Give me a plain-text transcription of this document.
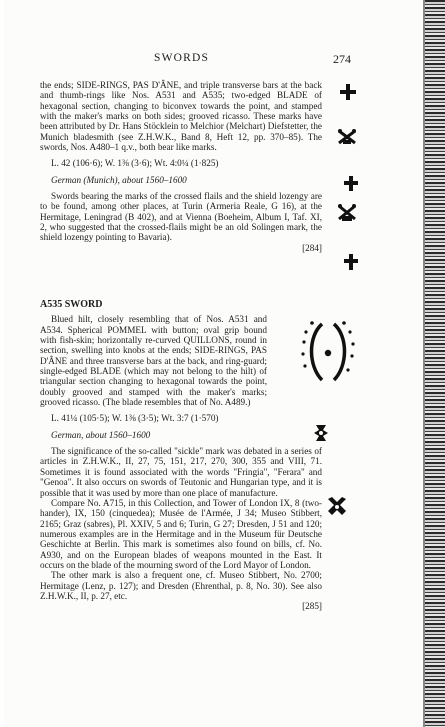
SWORDS	274

the ends; SIDE-RINGS, PAS D'ÂNE, and triple transverse bars at the back and thumb-rings like Nos. A531 and A535; two-edged BLADE of hexagonal section, changing to biconvex towards the point, and stamped with the maker's marks on both sides; grooved ricasso. These marks have been attributed by Dr. Hans Stöcklein to Melchior (Melchart) Diefstetter, the Munich bladesmith (see Z.H.W.K., Band 8, Heft 12, pp. 370–85). The swords, Nos. A480–1 q.v., both bear like marks.

L. 42 (106·6); W. 1⅜ (3·6); Wt. 4:0¼ (1·825)

German (Munich), about 1560–1600

Swords bearing the marks of the crossed flails and the shield lozengy are to be found, among other places, at Turin (Armeria Reale, G 16), at the Hermitage, Leningrad (B 402), and at Vienna (Boeheim, Album I, Taf. XI, 2, who suggested that the crossed-flails might be an old Solingen mark, the shield lozengy pointing to Bavaria).

[284]

A535 SWORD

Blued hilt, closely resembling that of Nos. A531 and A534. Spherical POMMEL with button; oval grip bound with fish-skin; horizontally re-curved QUILLONS, round in section, swelling into knobs at the ends; SIDE-RINGS, PAS D'ÂNE and three transverse bars at the back, and ring-guard; single-edged BLADE (which may not belong to the hilt) of triangular section changing to hexagonal towards the point, doubly grooved and stamped with the maker's marks; grooved ricasso. (The blade resembles that of No. A489.)

L. 41¼ (105·5); W. 1⅜ (3·5); Wt. 3:7 (1·570)

German, about 1560–1600

The significance of the so-called "sickle" mark was debated in a series of articles in Z.H.W.K., II, 27, 75, 151, 217, 270, 300, 355 and VIII, 71. Sometimes it is found associated with the words "Fringia", "Ferara" and "Genoa". It also occurs on swords of Teutonic and Hungarian type, and it is possible that it was used by more than one place of manufacture.

Compare No. A715, in this Collection, and Tower of London IX, 8 (two-hander), IX, 150 (cinquedea); Musée de l'Armée, J 34; Museo Stibbert, 2165; Graz (sabres), Pl. XXIV, 5 and 6; Turin, G 27; Dresden, J 51 and 120; numerous examples are in the Hermitage and in the Museum für Deutsche Geschichte at Berlin. This mark is sometimes also found on bills, cf. No. A930, and on the European blades of weapons mounted in the East. It occurs on the blade of the mourning sword of the Lord Mayor of London.

The other mark is also a frequent one, cf. Museo Stibbert, No. 2700; Hermitage (Lenz, p. 127); and Dresden (Ehrenthal, p. 8, No. 30). See also Z.H.W.K., II, p. 27, etc.

[285]
